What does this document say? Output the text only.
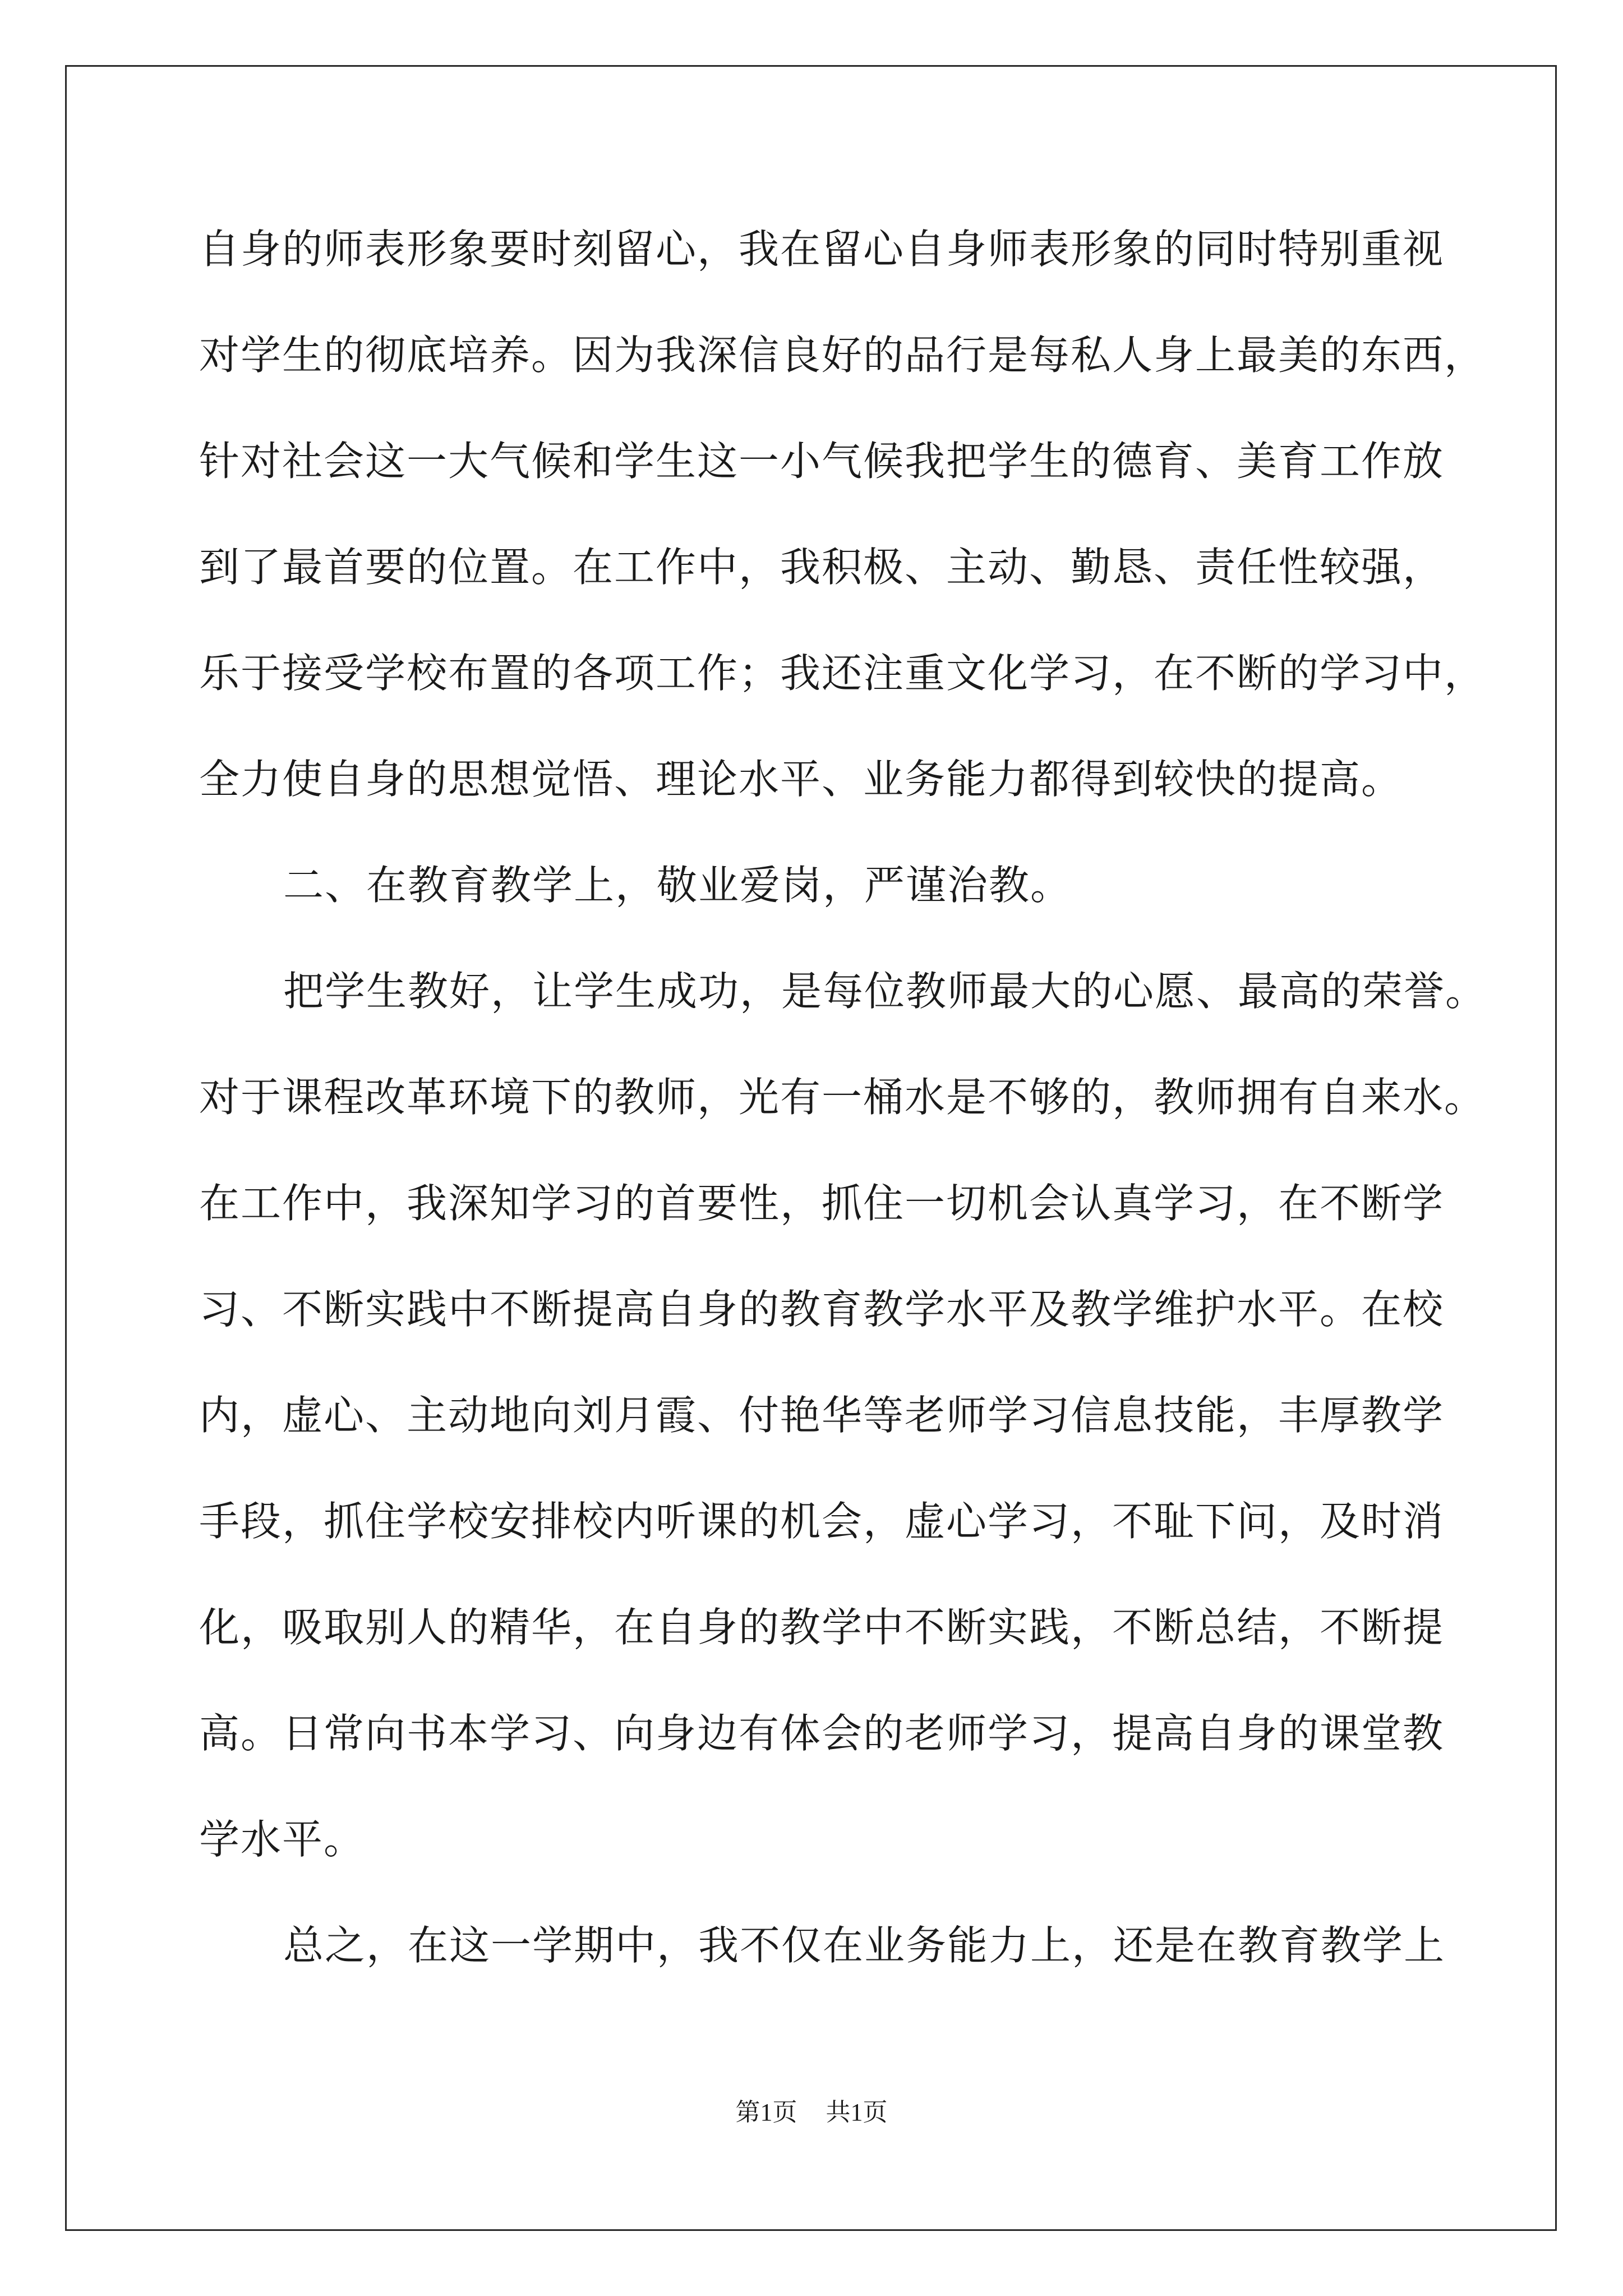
自身的师表形象要时刻留心，我在留心自身师表形象的同时特别重视
对学生的彻底培养。因为我深信良好的品行是每私人身上最美的东西，
针对社会这一大气候和学生这一小气候我把学生的德育、美育工作放
到了最首要的位置。在工作中，我积极、主动、勤恳、责任性较强，
乐于接受学校布置的各项工作；我还注重文化学习，在不断的学习中，
全力使自身的思想觉悟、理论水平、业务能力都得到较快的提高。
二、在教育教学上，敬业爱岗，严谨治教。
把学生教好，让学生成功，是每位教师最大的心愿、最高的荣誉。
对于课程改革环境下的教师，光有一桶水是不够的，教师拥有自来水。
在工作中，我深知学习的首要性，抓住一切机会认真学习，在不断学
习、不断实践中不断提高自身的教育教学水平及教学维护水平。在校
内，虚心、主动地向刘月霞、付艳华等老师学习信息技能，丰厚教学
手段，抓住学校安排校内听课的机会，虚心学习，不耻下问，及时消
化，吸取别人的精华，在自身的教学中不断实践，不断总结，不断提
高。日常向书本学习、向身边有体会的老师学习，提高自身的课堂教
学水平。
总之，在这一学期中，我不仅在业务能力上，还是在教育教学上
第1页 共1页
